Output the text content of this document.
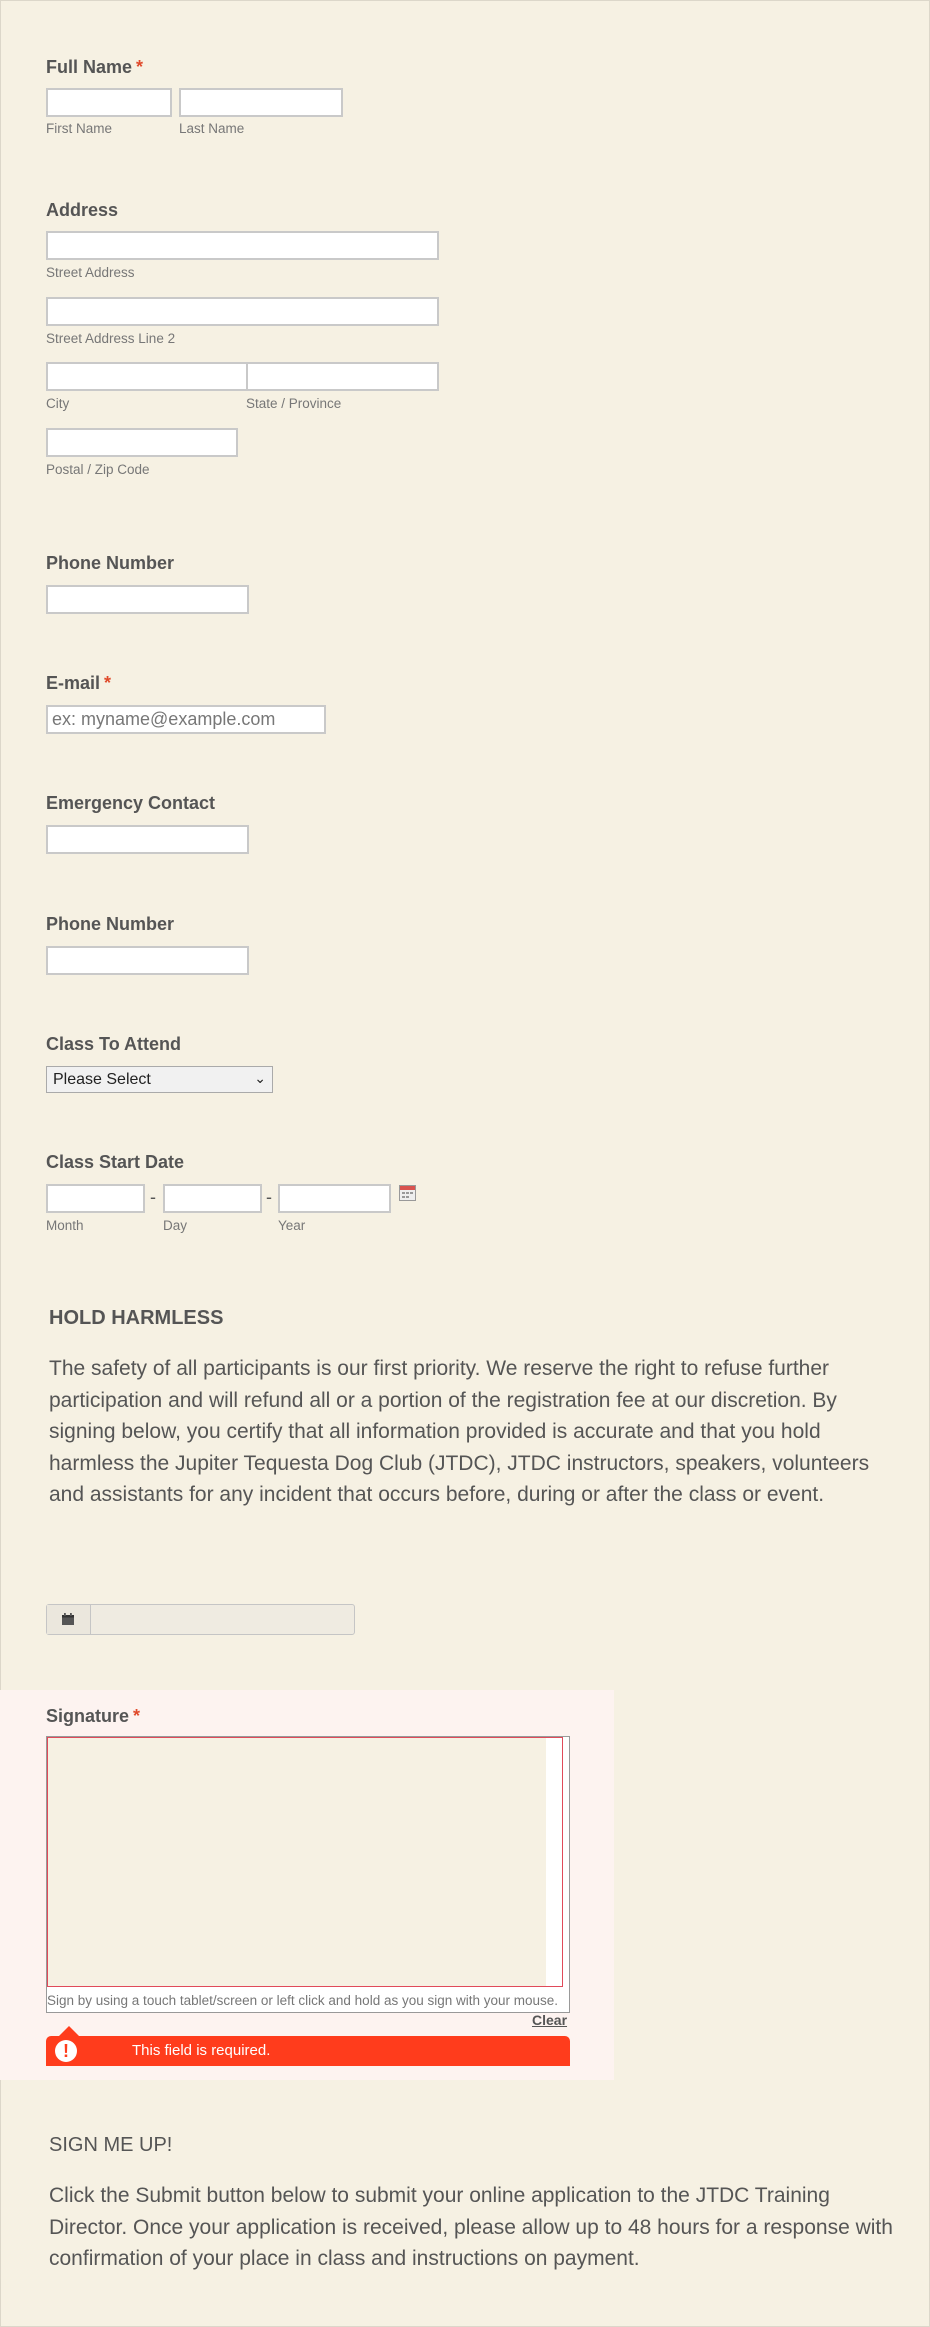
Full Name *
First Name	Last Name
Address
Street Address
Street Address Line 2
City	State / Province
Postal / Zip Code
Phone Number
E-mail *
ex: myname@example.com
Emergency Contact
Phone Number
Class To Attend
Please Select	⌄
Class Start Date
-	-
Month	Day	Year
HOLD HARMLESS
The safety of all participants is our first priority. We reserve the right to refuse further participation and will refund all or a portion of the registration fee at our discretion. By signing below, you certify that all information provided is accurate and that you hold harmless the Jupiter Tequesta Dog Club (JTDC), JTDC instructors, speakers, volunteers and assistants for any incident that occurs before, during or after the class or event.
Signature *
Sign by using a touch tablet/screen or left click and hold as you sign with your mouse.
Clear
!	This field is required.
SIGN ME UP!
Click the Submit button below to submit your online application to the JTDC Training Director. Once your application is received, please allow up to 48 hours for a response with confirmation of your place in class and instructions on payment.
